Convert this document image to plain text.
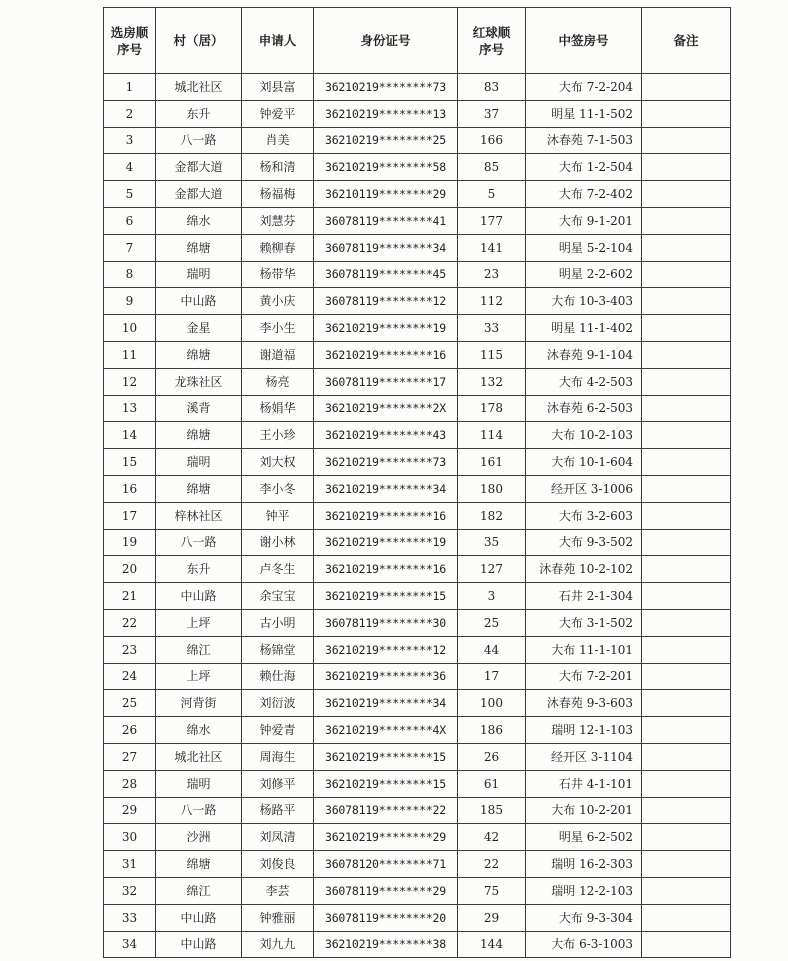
选房顺序号	村（居）	申请人	身份证号	红球顺序号	中签房号	备注
1	城北社区	刘县富	36210219********73	83	大布 7-2-204	
2	东升	钟爱平	36210219********13	37	明星 11-1-502	
3	八一路	肖美	36210219********25	166	沐春苑 7-1-503	
4	金都大道	杨和清	36210219********58	85	大布 1-2-504	
5	金都大道	杨福梅	36210119********29	5	大布 7-2-402	
6	绵水	刘慧芬	36078119********41	177	大布 9-1-201	
7	绵塘	赖柳春	36078119********34	141	明星 5-2-104	
8	瑞明	杨带华	36078119********45	23	明星 2-2-602	
9	中山路	黄小庆	36078119********12	112	大布 10-3-403	
10	金星	李小生	36210219********19	33	明星 11-1-402	
11	绵塘	谢道福	36210219********16	115	沐春苑 9-1-104	
12	龙珠社区	杨亮	36078119********17	132	大布 4-2-503	
13	溪背	杨娟华	36210219********2X	178	沐春苑 6-2-503	
14	绵塘	王小珍	36210219********43	114	大布 10-2-103	
15	瑞明	刘大权	36210219********73	161	大布 10-1-604	
16	绵塘	李小冬	36210219********34	180	经开区 3-1006	
17	梓林社区	钟平	36210219********16	182	大布 3-2-603	
19	八一路	谢小林	36210219********19	35	大布 9-3-502	
20	东升	卢冬生	36210219********16	127	沐春苑 10-2-102	
21	中山路	余宝宝	36210219********15	3	石井 2-1-304	
22	上坪	古小明	36078119********30	25	大布 3-1-502	
23	绵江	杨锦堂	36210219********12	44	大布 11-1-101	
24	上坪	赖仕海	36210219********36	17	大布 7-2-201	
25	河背街	刘衍波	36210219********34	100	沐春苑 9-3-603	
26	绵水	钟爱青	36210219********4X	186	瑞明 12-1-103	
27	城北社区	周海生	36210219********15	26	经开区 3-1104	
28	瑞明	刘修平	36210219********15	61	石井 4-1-101	
29	八一路	杨路平	36078119********22	185	大布 10-2-201	
30	沙洲	刘凤清	36210219********29	42	明星 6-2-502	
31	绵塘	刘俊良	36078120********71	22	瑞明 16-2-303	
32	绵江	李芸	36078119********29	75	瑞明 12-2-103	
33	中山路	钟雅丽	36078119********20	29	大布 9-3-304	
34	中山路	刘九九	36210219********38	144	大布 6-3-1003	
